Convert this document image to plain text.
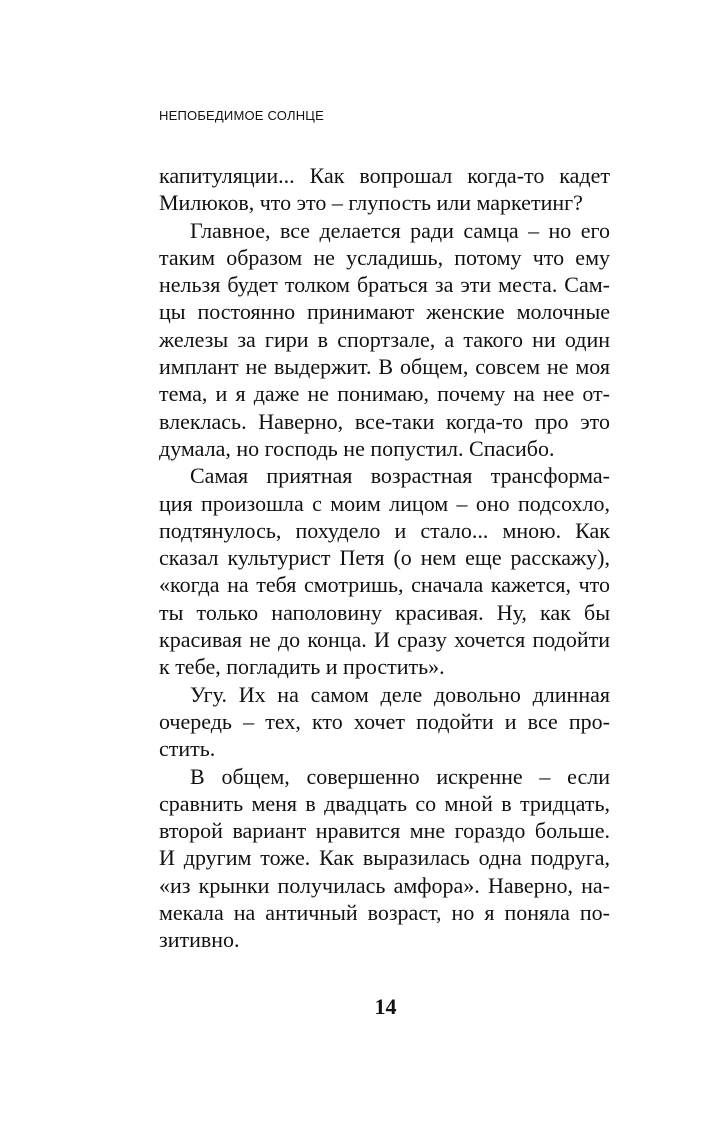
НЕПОБЕДИМОЕ СОЛНЦЕ
капитуляции... Как вопрошал когда-то кадет
Милюков, что это – глупость или маркетинг?
Главное, все делается ради самца – но его
таким образом не усладишь, потому что ему
нельзя будет толком браться за эти места. Сам-
цы постоянно принимают женские молочные
железы за гири в спортзале, а такого ни один
имплант не выдержит. В общем, совсем не моя
тема, и я даже не понимаю, почему на нее от-
влеклась. Наверно, все-таки когда-то про это
думала, но господь не попустил. Спасибо.
Самая приятная возрастная трансформа-
ция произошла с моим лицом – оно подсохло,
подтянулось, похудело и стало... мною. Как
сказал культурист Петя (о нем еще расскажу),
«когда на тебя смотришь, сначала кажется, что
ты только наполовину красивая. Ну, как бы
красивая не до конца. И сразу хочется подойти
к тебе, погладить и простить».
Угу. Их на самом деле довольно длинная
очередь – тех, кто хочет подойти и все про-
стить.
В общем, совершенно искренне – если
сравнить меня в двадцать со мной в тридцать,
второй вариант нравится мне гораздо больше.
И другим тоже. Как выразилась одна подруга,
«из крынки получилась амфора». Наверно, на-
мекала на античный возраст, но я поняла по-
зитивно.
14
